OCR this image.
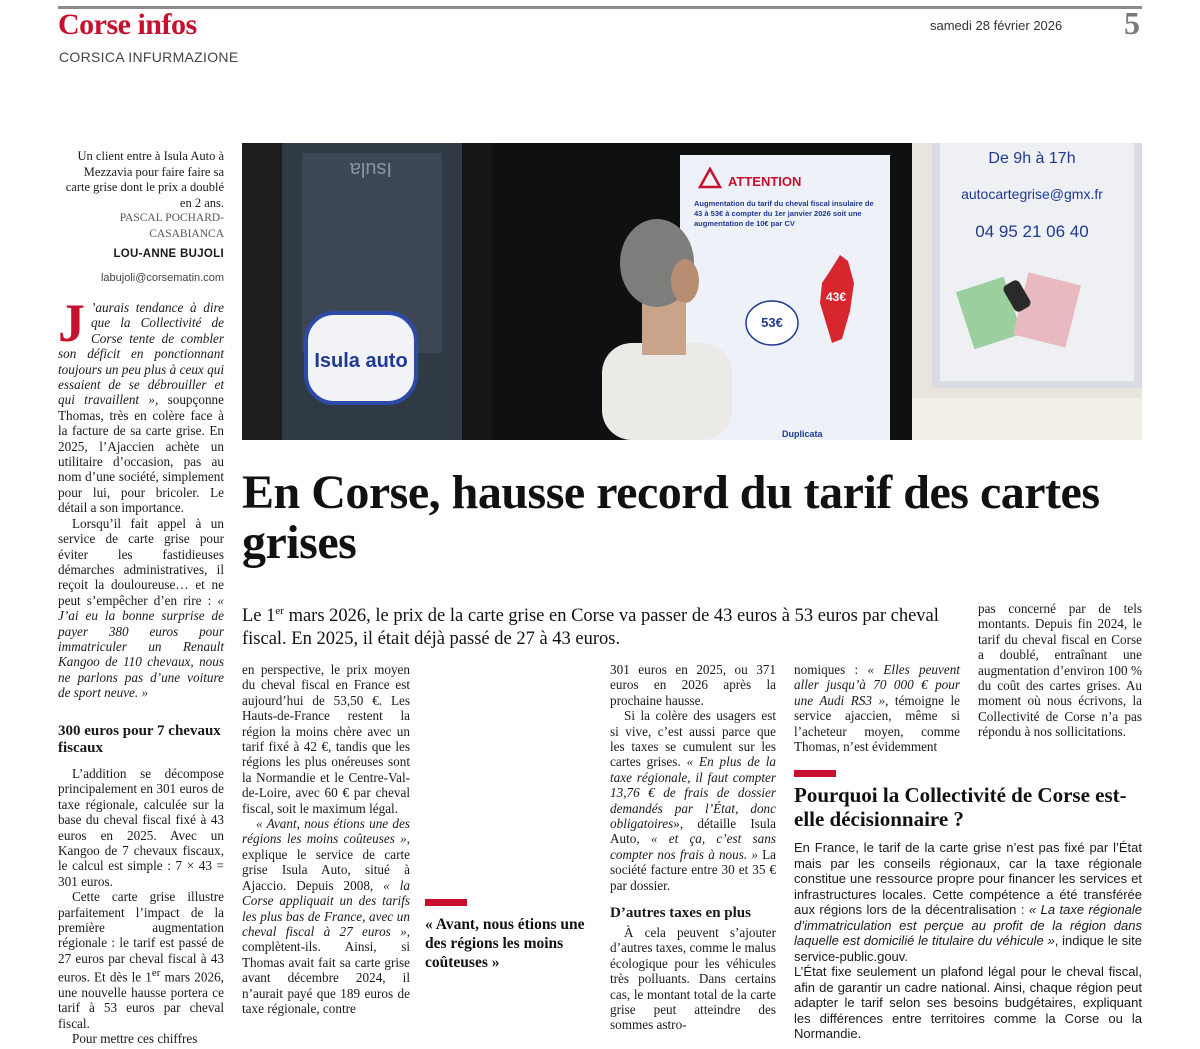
Corse infos
CORSICA INFURMAZIONE
samedi 28 février 2026 5
Un client entre à Isula Auto à Mezzavia pour faire faire sa carte grise dont le prix a doublé en 2 ans.
PASCAL POCHARD-CASABIANCA
LOU-ANNE BUJOLI
labujoli@corsematin.com
Isula
Isula auto
ATTENTION
Augmentation du tarif du cheval fiscal insulaire de 43 à 53€ à compter du 1er janvier 2026 soit une augmentation de 10€ par CV
43€
53€
Duplicata
De 9h à 17h
autocartegrise@gmx.fr
04 95 21 06 40

J ’aurais tendance à dire que la Collectivité de Corse tente de combler son déficit en ponctionnant toujours un peu plus à ceux qui essaient de se débrouiller et qui travaillent », soupçonne Thomas, très en colère face à la facture de sa carte grise. En 2025, l’Ajaccien achète un utilitaire d’occasion, pas au nom d’une société, simplement pour lui, pour bricoler. Le détail a son importance.

Lorsqu’il fait appel à un service de carte grise pour éviter les fastidieuses démarches administratives, il reçoit la douloureuse… et ne peut s’empêcher d’en rire : « J’ai eu la bonne surprise de payer 380 euros pour immatriculer un Renault Kangoo de 110 chevaux, nous ne parlons pas d’une voiture de sport neuve. »

300 euros pour 7 chevaux fiscaux

L’addition se décompose principalement en 301 euros de taxe régionale, calculée sur la base du cheval fiscal fixé à 43 euros en 2025. Avec un Kangoo de 7 chevaux fiscaux, le calcul est simple : 7 × 43 = 301 euros.

Cette carte grise illustre parfaitement l’impact de la première augmentation régionale : le tarif est passé de 27 euros par cheval fiscal à 43 euros. Et dès le 1er mars 2026, une nouvelle hausse portera ce tarif à 53 euros par cheval fiscal.

Pour mettre ces chiffres

En Corse, hausse record du tarif des cartes grises
Le 1er mars 2026, le prix de la carte grise en Corse va passer de 43 euros à 53 euros par cheval fiscal. En 2025, il était déjà passé de 27 à 43 euros.

en perspective, le prix moyen du cheval fiscal en France est aujourd’hui de 53,50 €. Les Hauts-de-France restent la région la moins chère avec un tarif fixé à 42 €, tandis que les régions les plus onéreuses sont la Normandie et le Centre-Val-de-Loire, avec 60 € par cheval fiscal, soit le maximum légal.

« Avant, nous étions une des régions les moins coûteuses », explique le service de carte grise Isula Auto, situé à Ajaccio. Depuis 2008, « la Corse appliquait un des tarifs les plus bas de France, avec un cheval fiscal à 27 euros », complètent-ils. Ainsi, si Thomas avait fait sa carte grise avant décembre 2024, il n’aurait payé que 189 euros de taxe régionale, contre

« Avant, nous étions une des régions les moins coûteuses »

301 euros en 2025, ou 371 euros en 2026 après la prochaine hausse.

Si la colère des usagers est si vive, c’est aussi parce que les taxes se cumulent sur les cartes grises. « En plus de la taxe régionale, il faut compter 13,76 € de frais de dossier demandés par l’État, donc obligatoires», détaille Isula Auto, « et ça, c’est sans compter nos frais à nous. » La société facture entre 30 et 35 € par dossier.

D’autres taxes en plus

À cela peuvent s’ajouter d’autres taxes, comme le malus écologique pour les véhicules très polluants. Dans certains cas, le montant total de la carte grise peut atteindre des sommes astro-

nomiques : « Elles peuvent aller jusqu’à 70 000 € pour une Audi RS3 », témoigne le service ajaccien, même si l’acheteur moyen, comme Thomas, n’est évidemment

pas concerné par de tels montants. Depuis fin 2024, le tarif du cheval fiscal en Corse a doublé, entraînant une augmentation d’environ 100 % du coût des cartes grises. Au moment où nous écrivons, la Collectivité de Corse n’a pas répondu à nos sollicitations.

Pourquoi la Collectivité de Corse est-elle décisionnaire ?

En France, le tarif de la carte grise n’est pas fixé par l’État mais par les conseils régionaux, car la taxe régionale constitue une ressource propre pour financer les services et infrastructures locales. Cette compétence a été transférée aux régions lors de la décentralisation : « La taxe régionale d’immatriculation est perçue au profit de la région dans laquelle est domicilié le titulaire du véhicule », indique le site service-public.gouv.

L’État fixe seulement un plafond légal pour le cheval fiscal, afin de garantir un cadre national. Ainsi, chaque région peut adapter le tarif selon ses besoins budgétaires, expliquant les différences entre territoires comme la Corse ou la Normandie.
